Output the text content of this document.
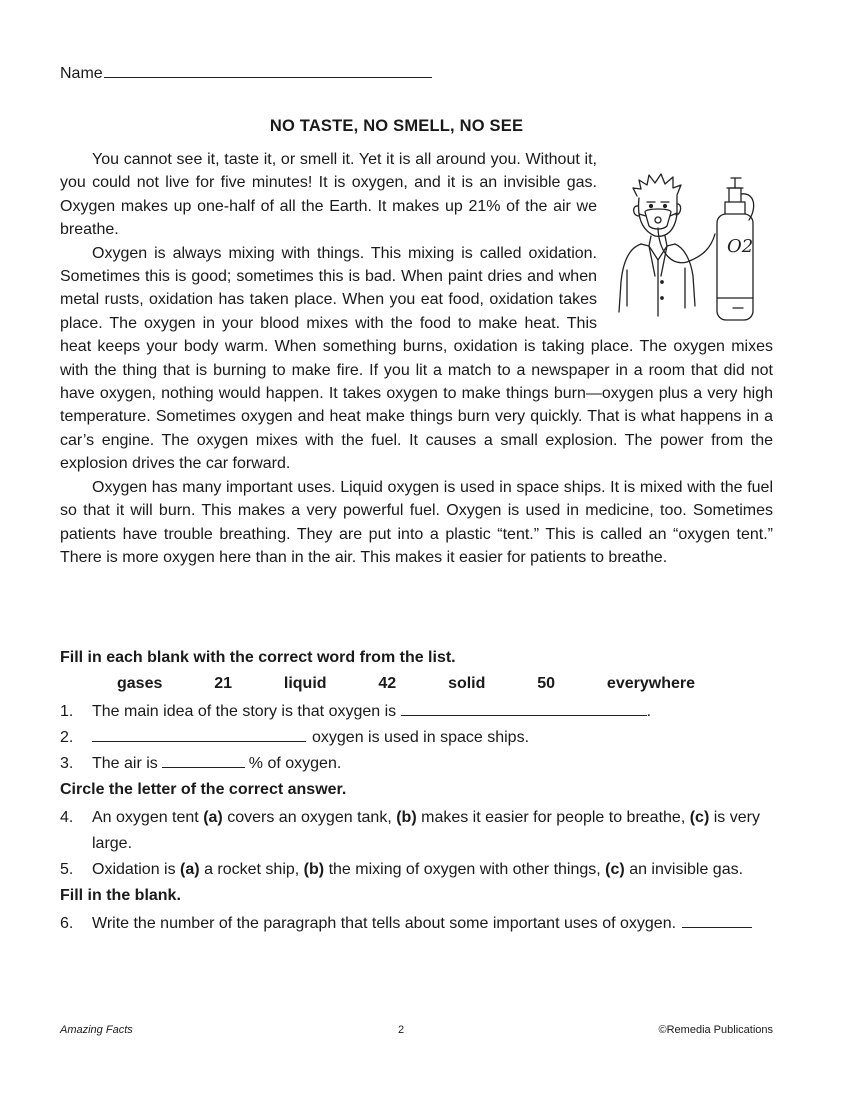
Name
NO TASTE, NO SMELL, NO SEE
O2

You cannot see it, taste it, or smell it. Yet it is all around you. Without it, you could not live for five minutes! It is oxygen, and it is an invisible gas. Oxygen makes up one-half of all the Earth. It makes up 21% of the air we breathe.

Oxygen is always mixing with things. This mixing is called oxidation. Sometimes this is good; sometimes this is bad. When paint dries and when metal rusts, oxidation has taken place. When you eat food, oxidation takes place. The oxygen in your blood mixes with the food to make heat. This heat keeps your body warm. When something burns, oxidation is taking place. The oxygen mixes with the thing that is burning to make fire. If you lit a match to a newspaper in a room that did not have oxygen, nothing would happen. It takes oxygen to make things burn—oxygen plus a very high temperature. Sometimes oxygen and heat make things burn very quickly. That is what happens in a car’s engine. The oxygen mixes with the fuel. It causes a small explosion. The power from the explosion drives the car forward.

Oxygen has many important uses. Liquid oxygen is used in space ships. It is mixed with the fuel so that it will burn. This makes a very powerful fuel. Oxygen is used in medicine, too. Sometimes patients have trouble breathing. They are put into a plastic “tent.” This is called an “oxygen tent.” There is more oxygen here than in the air. This makes it easier for patients to breathe.

Fill in each blank with the correct word from the list.
gases	21	liquid	42	solid	50	everywhere
1.	The main idea of the story is that oxygen is	.
2.	oxygen is used in space ships.
3.	The air is	% of oxygen.
Circle the letter of the correct answer.
4.	An oxygen tent (a) covers an oxygen tank, (b) makes it easier for people to breathe, (c) is very large.
5.	Oxidation is (a) a rocket ship, (b) the mixing of oxygen with other things, (c) an invisible gas.
Fill in the blank.
6.	Write the number of the paragraph that tells about some important uses of oxygen.
Amazing Facts	2	©Remedia Publications
